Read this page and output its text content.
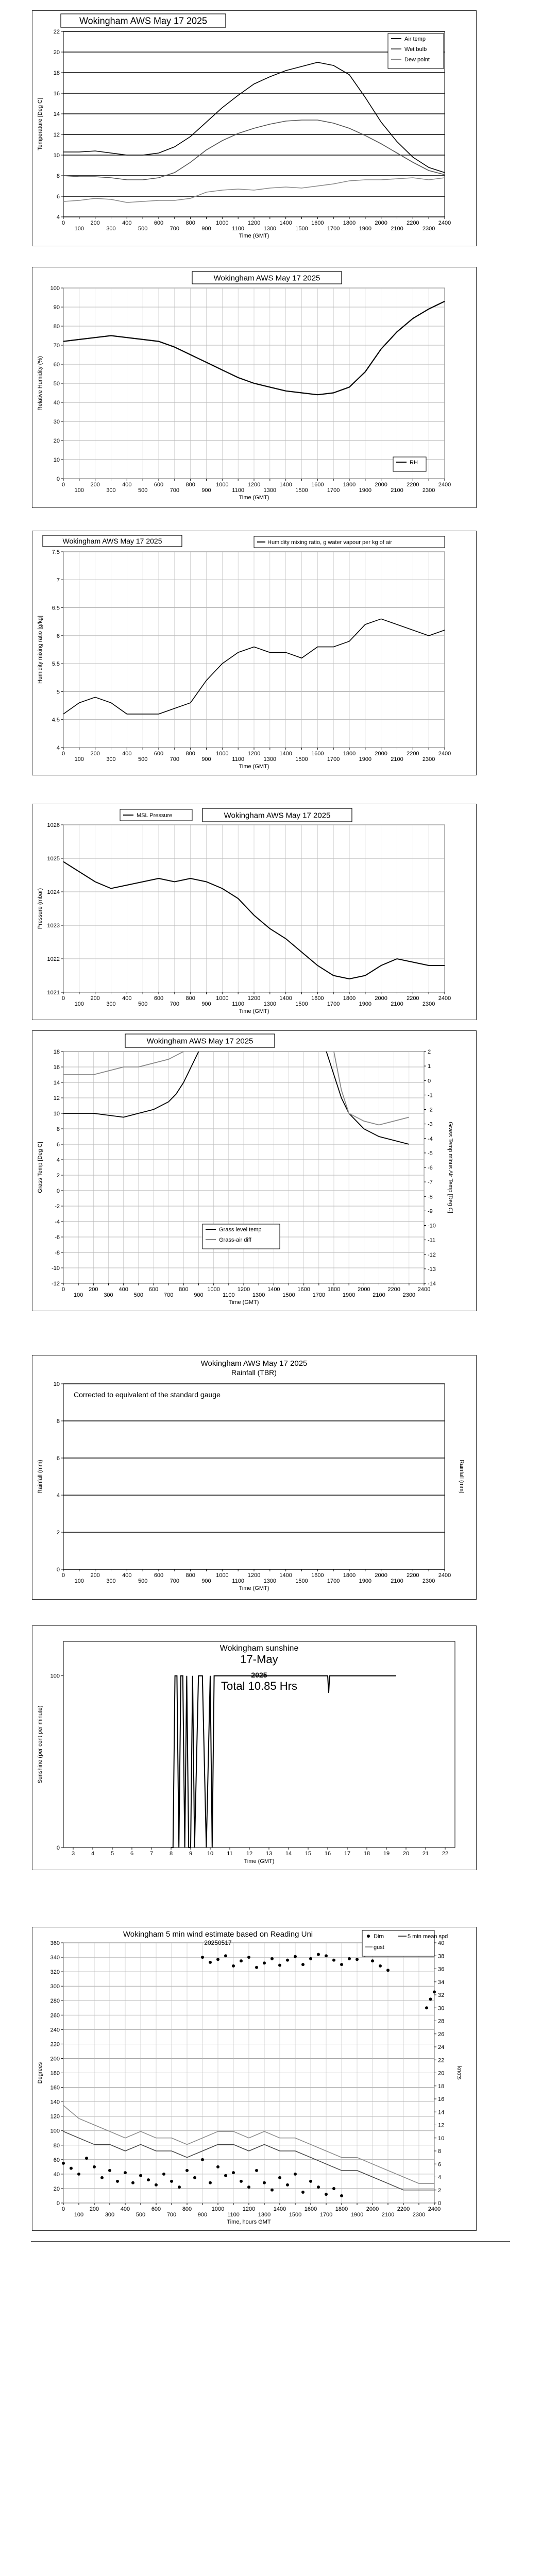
0
100
200
300
400
500
600
700
800
900
1000
1100
1200
1300
1400
1500
1600
1700
1800
1900
2000
2100
2200
2300
2400
4
6
8
10
12
14
16
18
20
22
Time (GMT)
Temperature [Deg C]
Wokingham AWS May 17 2025
Air temp
Wet bulb
Dew point
0
100
200
300
400
500
600
700
800
900
1000
1100
1200
1300
1400
1500
1600
1700
1800
1900
2000
2100
2200
2300
2400
0
10
20
30
40
50
60
70
80
90
100
Time (GMT)
Relative Humidity (%)
Wokingham AWS May 17 2025
RH
0
100
200
300
400
500
600
700
800
900
1000
1100
1200
1300
1400
1500
1600
1700
1800
1900
2000
2100
2200
2300
2400
4
4.5
5
5.5
6
6.5
7
7.5
Time (GMT)
Humidity mixing ratio [g/kg]
Wokingham AWS May 17 2025	Humidity mixing ratio, g water vapour per kg of air
0
100
200
300
400
500
600
700
800
900
1000
1100
1200
1300
1400
1500
1600
1700
1800
1900
2000
2100
2200
2300
2400
1021
1022
1023
1024
1025
1026
Time (GMT)
Pressure (mbar)
Wokingham AWS May 17 2025
MSL Pressure
0
100
200
300
400
500
600
700
800
900
1000
1100
1200
1300
1400
1500
1600
1700
1800
1900
2000
2100
2200
2300
2400
-12
-10
-8
-6
-4
-2
0
2
4
6
8
10
12
14
16
18
Time (GMT)
Grass Temp [Deg C]
-14
-13
-12
-11
-10
-9
-8
-7
-6
-5
-4
-3
-2
-1
0
1
2
Grass Temp minus Air Temp [Deg C]
Wokingham AWS May 17 2025
Grass level temp
Grass-air diff
0
100
200
300
400
500
600
700
800
900
1000
1100
1200
1300
1400
1500
1600
1700
1800
1900
2000
2100
2200
2300
2400
0
2
4
6
8
10
Time (GMT)
Rainfall (mm)	Rainfall (mm)
Wokingham AWS May 17 2025
Rainfall (TBR)
Corrected to equivalent of the standard gauge
3	4	5	6	7	8	9	10 11 12 13 14 15 16 17 18 19 20 21 22
0
100
Time (GMT)
Sunshine (per cent per minute)
Wokingham sunshine
17-May
2025
Total 10.85 Hrs
0
100
200
300
400
500
600
700
800
900
1000
1100
1200
1300
1400
1500
1600
1700
1800
1900
2000
2100
2200
2300
2400
0
20
40
60
80
100
120
140
160
180
200
220
240
260
280
300
320
340
360
Time, hours GMT
Degrees
0
2
4
6
8
10
12
14
16
18
20
22
24
26
28
30
32
34
36
38
40
knots
Wokingham 5 min wind estimate based on Reading Uni
20250517
Dirn	5 min mean spd
gust
